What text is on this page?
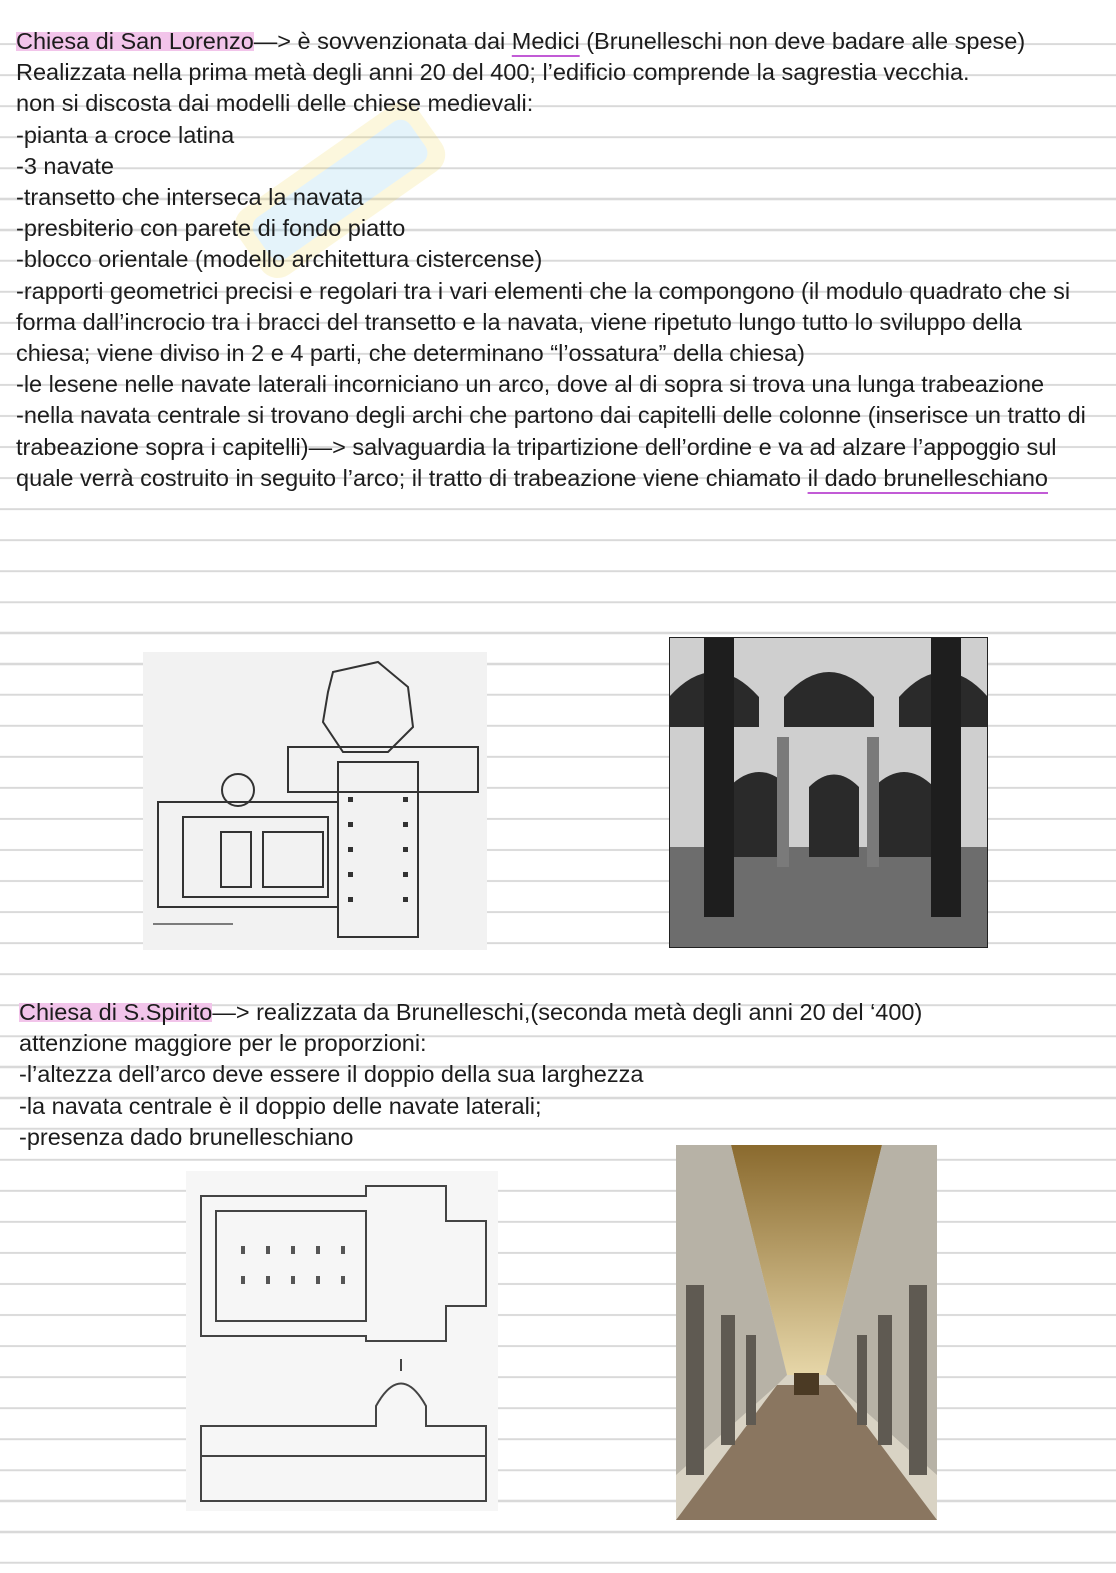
Chiesa di San Lorenzo—> è sovvenzionata dai Medici (Brunelleschi non deve badare alle spese)

Realizzata nella prima metà degli anni 20 del 400; l’edificio comprende la sagrestia vecchia.

non si discosta dai modelli delle chiese medievali:

-pianta a croce latina

-3 navate

-transetto che interseca la navata

-presbiterio con parete di fondo piatto

-blocco orientale (modello architettura cistercense)

-rapporti geometrici precisi e regolari tra i vari elementi che la compongono (il modulo quadrato che si forma dall’incrocio tra i bracci del transetto e la navata, viene ripetuto lungo tutto lo sviluppo della chiesa; viene diviso in 2 e 4 parti, che determinano “l’ossatura” della chiesa)

-le lesene nelle navate laterali incorniciano un arco, dove al di sopra si trova una lunga trabeazione

-nella navata centrale si trovano degli archi che partono dai capitelli delle colonne (inserisce un tratto di trabeazione sopra i capitelli)—> salvaguardia la tripartizione dell’ordine e va ad alzare l’appoggio sul quale verrà costruito in seguito l’arco; il tratto di trabeazione viene chiamato il dado brunelleschiano

Chiesa di S.Spirito—> realizzata da Brunelleschi,(seconda metà degli anni 20 del ‘400)

attenzione maggiore per le proporzioni:

-l’altezza dell’arco deve essere il doppio della sua larghezza

-la navata centrale è il doppio delle navate laterali;

-presenza dado brunelleschiano
